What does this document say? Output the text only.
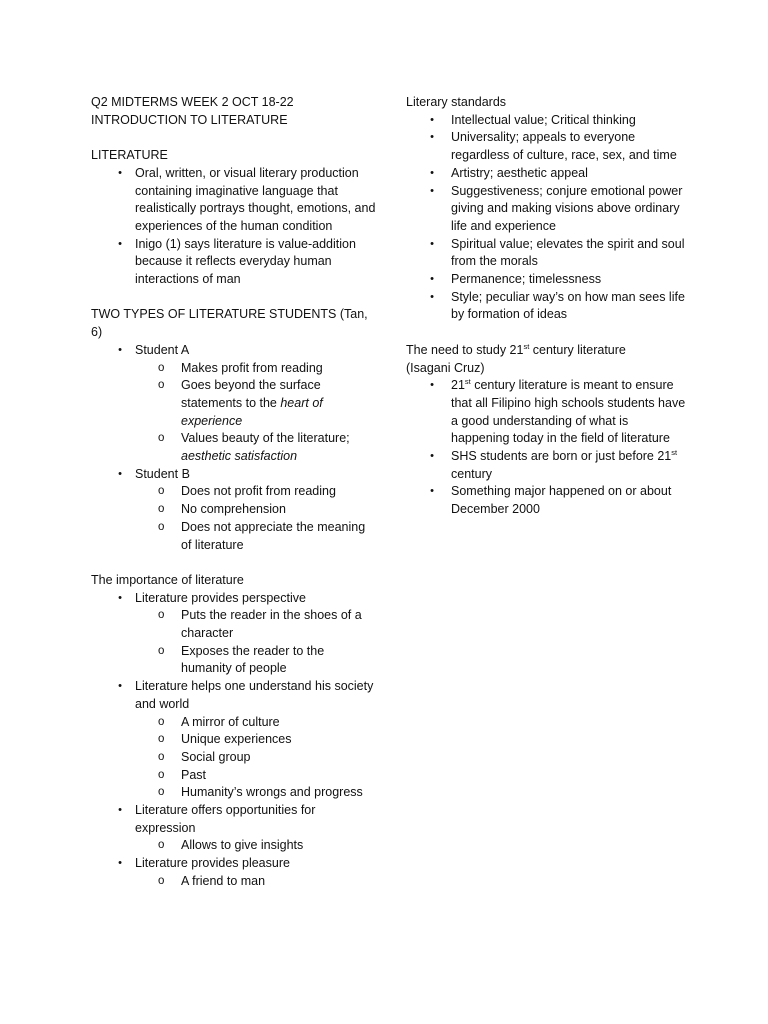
Q2 MIDTERMS WEEK 2 OCT 18-22

INTRODUCTION TO LITERATURE

LITERATURE

•	Oral, written, or visual literary production containing imaginative language that realistically portrays thought, emotions, and experiences of the human condition
•	Inigo (1) says literature is value-addition because it reflects everyday human interactions of man

TWO TYPES OF LITERATURE STUDENTS (Tan, 6)

•	Student A
o Makes profit from reading
o Goes beyond the surface statements to the heart of experience
o Values beauty of the literature;
aesthetic satisfaction
•	Student B
o Does not profit from reading
o No comprehension
o Does not appreciate the meaning of literature

The importance of literature

•	Literature provides perspective
o Puts the reader in the shoes of a character
o Exposes the reader to the humanity of people
•	Literature helps one understand his society and world
o A mirror of culture
o Unique experiences
o Social group
o Past
o Humanity’s wrongs and progress
•	Literature offers opportunities for expression
o Allows to give insights
•	Literature provides pleasure
o A friend to man

Literary standards

•	Intellectual value; Critical thinking
•	Universality; appeals to everyone regardless of culture, race, sex, and time
•	Artistry; aesthetic appeal
•	Suggestiveness; conjure emotional power giving and making visions above ordinary life and experience
•	Spiritual value; elevates the spirit and soul from the morals
•	Permanence; timelessness
•	Style; peculiar way’s on how man sees life by formation of ideas

The need to study 21st century literature

(Isagani Cruz)

•	21st century literature is meant to ensure that all Filipino high schools students have a good understanding of what is happening today in the field of literature
•	SHS students are born or just before 21st century
•	Something major happened on or about December 2000
